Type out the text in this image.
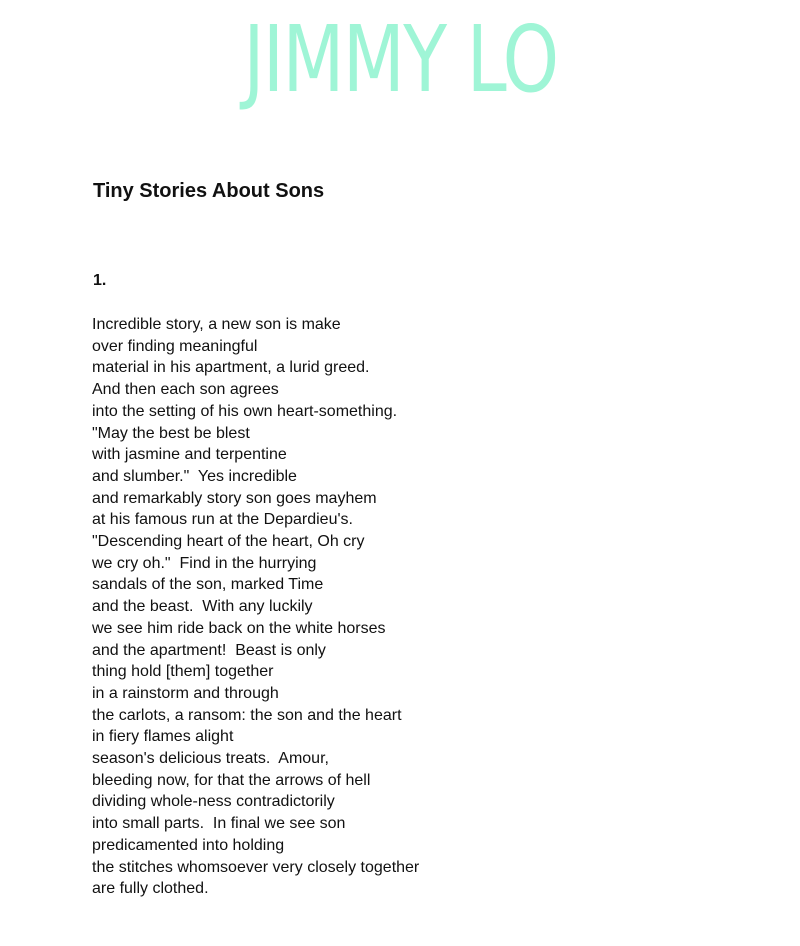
JIMMY LO
Tiny Stories About Sons

1.

Incredible story, a new son is make
over finding meaningful
material in his apartment, a lurid greed.
And then each son agrees
into the setting of his own heart-something.
"May the best be blest
with jasmine and terpentine
and slumber."  Yes incredible
and remarkably story son goes mayhem
at his famous run at the Depardieu's.
"Descending heart of the heart, Oh cry
we cry oh."  Find in the hurrying
sandals of the son, marked Time
and the beast.  With any luckily
we see him ride back on the white horses
and the apartment!  Beast is only
thing hold [them] together
in a rainstorm and through
the carlots, a ransom: the son and the heart
in fiery flames alight
season's delicious treats.  Amour,
bleeding now, for that the arrows of hell
dividing whole-ness contradictorily
into small parts.  In final we see son
predicamented into holding
the stitches whomsoever very closely together
are fully clothed.
